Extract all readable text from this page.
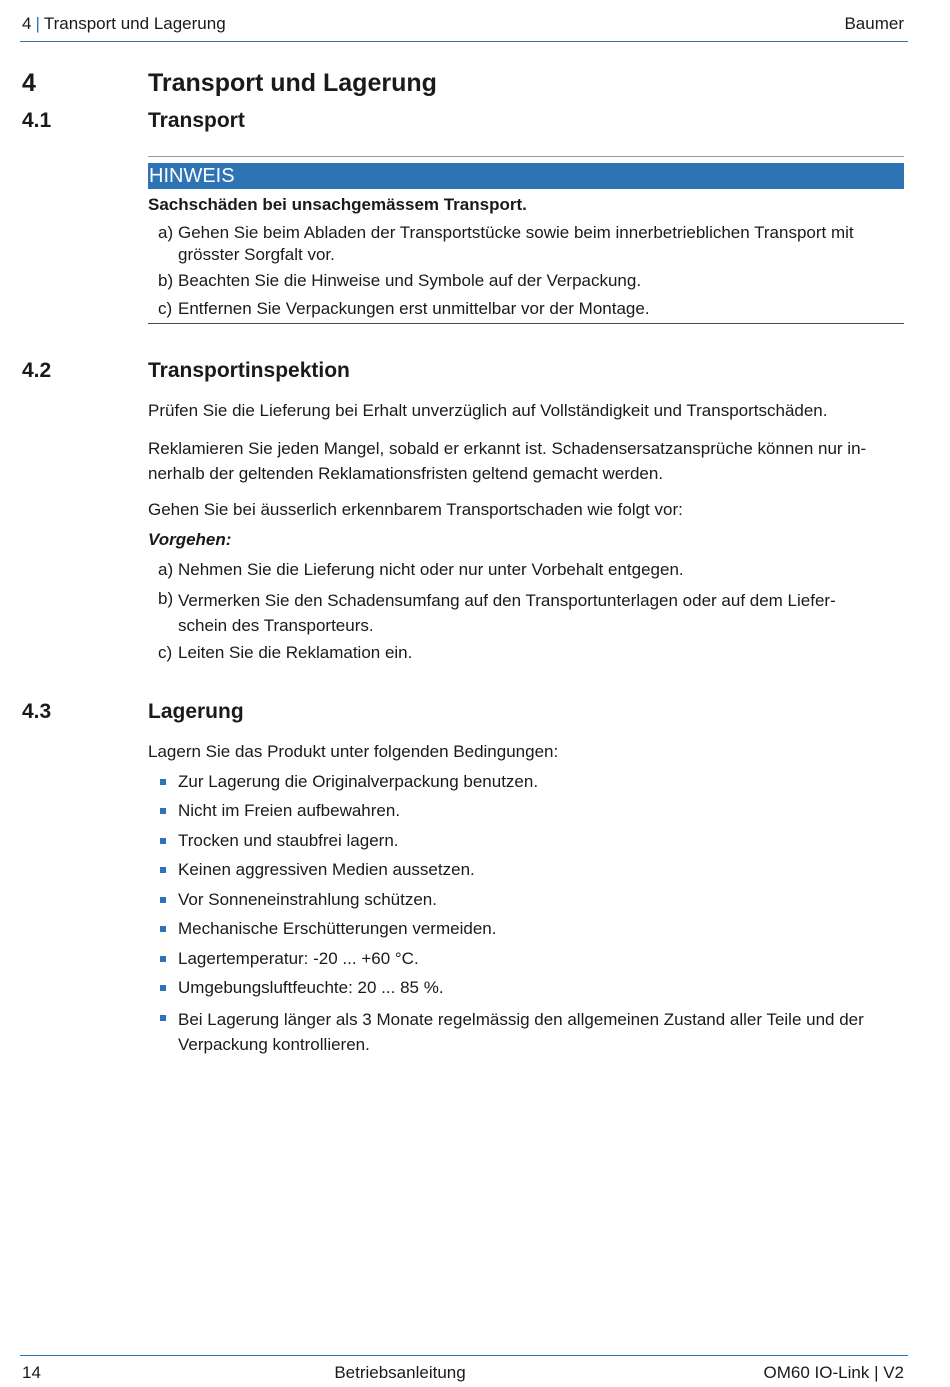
4 | Transport und Lagerung	Baumer
4	Transport und Lagerung
4.1	Transport
HINWEIS
Sachschäden bei unsachgemässem Transport.
a) Gehen Sie beim Abladen der Transportstücke sowie beim innerbetrieblichen Transport mit
grösster Sorgfalt vor.
b) Beachten Sie die Hinweise und Symbole auf der Verpackung.
c) Entfernen Sie Verpackungen erst unmittelbar vor der Montage.
4.2	Transportinspektion
Prüfen Sie die Lieferung bei Erhalt unverzüglich auf Vollständigkeit und Transportschäden.
Reklamieren Sie jeden Mangel, sobald er erkannt ist. Schadensersatzansprüche können nur in-
nerhalb der geltenden Reklamationsfristen geltend gemacht werden.
Gehen Sie bei äusserlich erkennbarem Transportschaden wie folgt vor:
Vorgehen:
a) Nehmen Sie die Lieferung nicht oder nur unter Vorbehalt entgegen.
b) Vermerken Sie den Schadensumfang auf den Transportunterlagen oder auf dem Liefer-
schein des Transporteurs.
c) Leiten Sie die Reklamation ein.
4.3	Lagerung
Lagern Sie das Produkt unter folgenden Bedingungen:
Zur Lagerung die Originalverpackung benutzen.
Nicht im Freien aufbewahren.
Trocken und staubfrei lagern.
Keinen aggressiven Medien aussetzen.
Vor Sonneneinstrahlung schützen.
Mechanische Erschütterungen vermeiden.
Lagertemperatur: -20 ... +60 °C.
Umgebungsluftfeuchte: 20 ... 85 %.
Bei Lagerung länger als 3 Monate regelmässig den allgemeinen Zustand aller Teile und der
Verpackung kontrollieren.
14	Betriebsanleitung	OM60 IO-Link | V2
